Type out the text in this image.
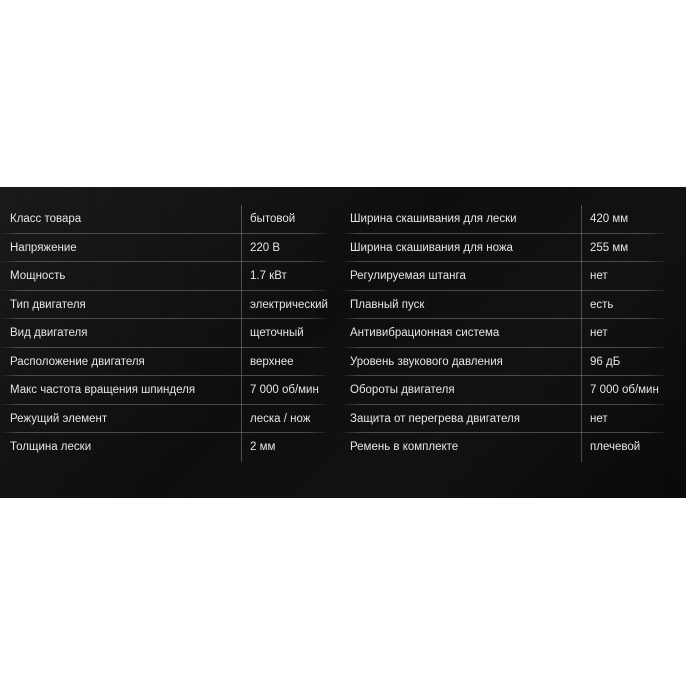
Класс товара	бытовой
Напряжение	220 В
Мощность	1.7 кВт
Тип двигателя	электрический
Вид двигателя	щеточный
Расположение двигателя	верхнее
Макс частота вращения шпинделя	7 000 об/мин
Режущий элемент	леска / нож
Толщина лески	2 мм
Ширина скашивания для лески	420 мм
Ширина скашивания для ножа	255 мм
Регулируемая штанга	нет
Плавный пуск	есть
Антивибрационная система	нет
Уровень звукового давления	96 дБ
Обороты двигателя	7 000 об/мин
Защита от перегрева двигателя	нет
Ремень в комплекте	плечевой
